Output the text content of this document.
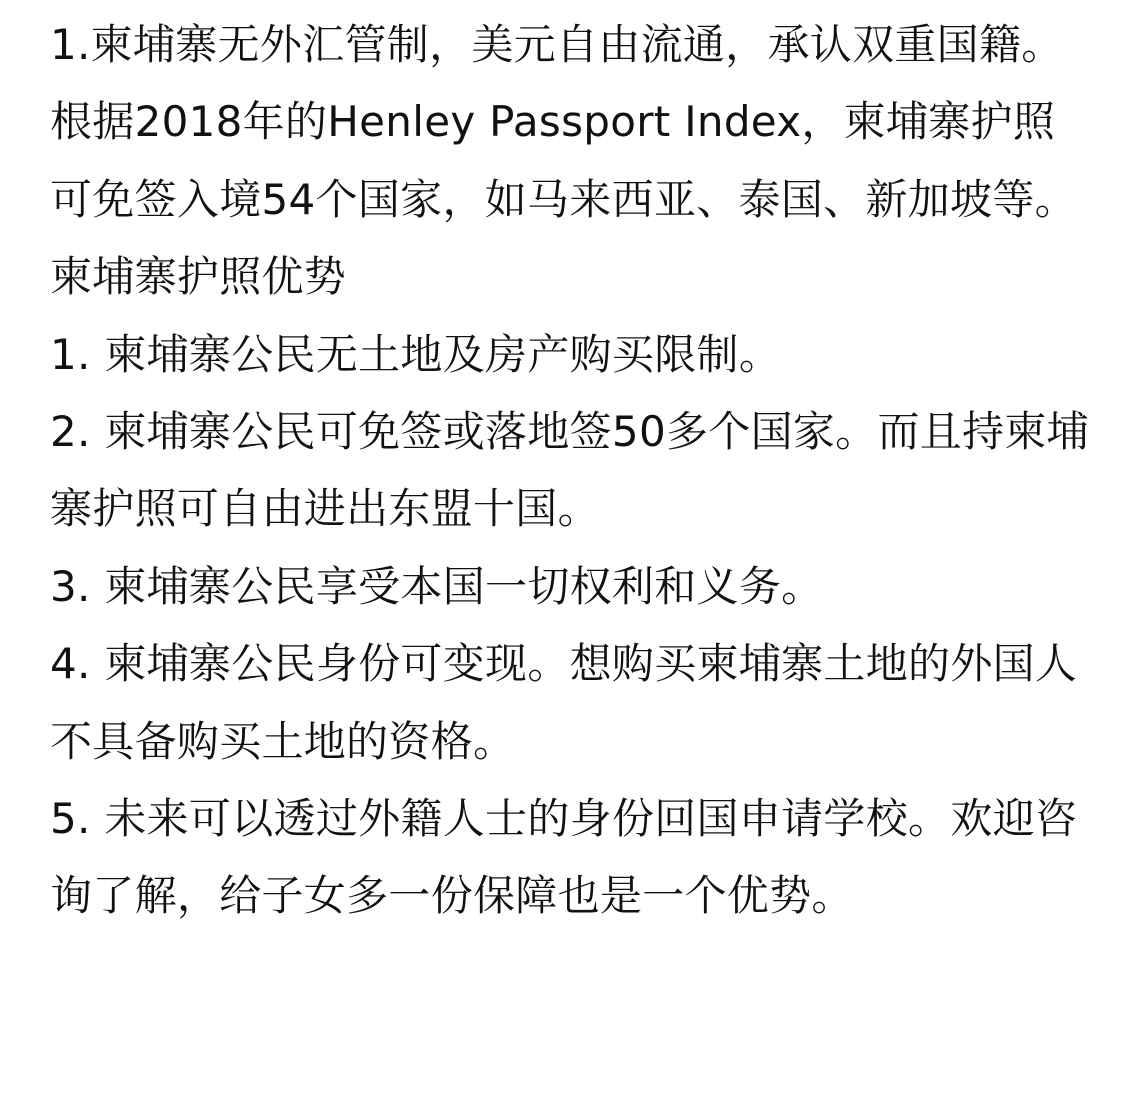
1.柬埔寨无外汇管制，美元自由流通，承认双重国籍。根据2018年的Henley Passport Index，柬埔寨护照可免签入境54个国家，如马来西亚、泰国、新加坡等。

柬埔寨护照优势

1. 柬埔寨公民无土地及房产购买限制。

2. 柬埔寨公民可免签或落地签50多个国家。而且持柬埔寨护照可自由进出东盟十国。

3. 柬埔寨公民享受本国一切权利和义务。

4. 柬埔寨公民身份可变现。想购买柬埔寨土地的外国人不具备购买土地的资格。

5. 未来可以透过外籍人士的身份回国申请学校。欢迎咨询了解，给子女多一份保障也是一个优势。
